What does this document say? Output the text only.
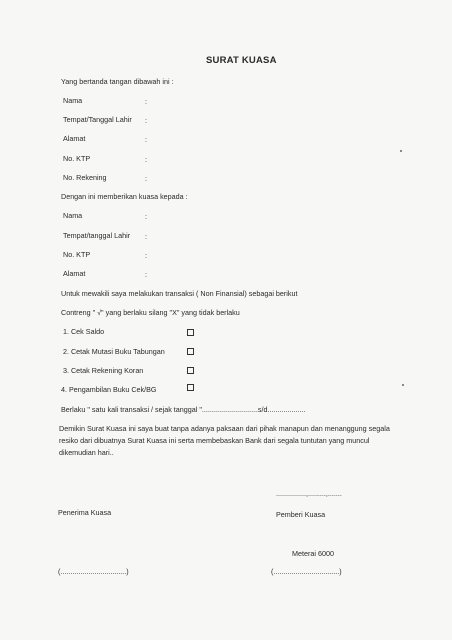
SURAT KUASA
Yang bertanda tangan dibawah ini :
Nama	:
Tempat/Tanggal Lahir :
Alamat	:
No. KTP	:
No. Rekening	:
Dengan ini memberikan kuasa kepada :
Nama	:
Tempat/tanggal Lahir :
No. KTP	:
Alamat	:
Untuk mewakili saya melakukan transaksi ( Non Finansial) sebagai berikut
Contreng " √" yang berlaku silang "X" yang tidak berlaku
1. Cek Saldo
2. Cetak Mutasi Buku Tabungan
3. Cetak Rekening Koran
4. Pengambilan Buku Cek/BG
Berlaku " satu kali transaksi / sejak tanggal "............................s/d...................
Demikin Surat Kuasa ini saya buat tanpa adanya paksaan dari pihak manapun dan menanggung segala
resiko dari dibuatnya Surat Kuasa ini serta membebaskan Bank dari segala tuntutan yang muncul
dikemudian hari..
...............,.........,.......
Penerima Kuasa	Pemberi Kuasa
Meterai 6000
(.................................)	(.................................)
